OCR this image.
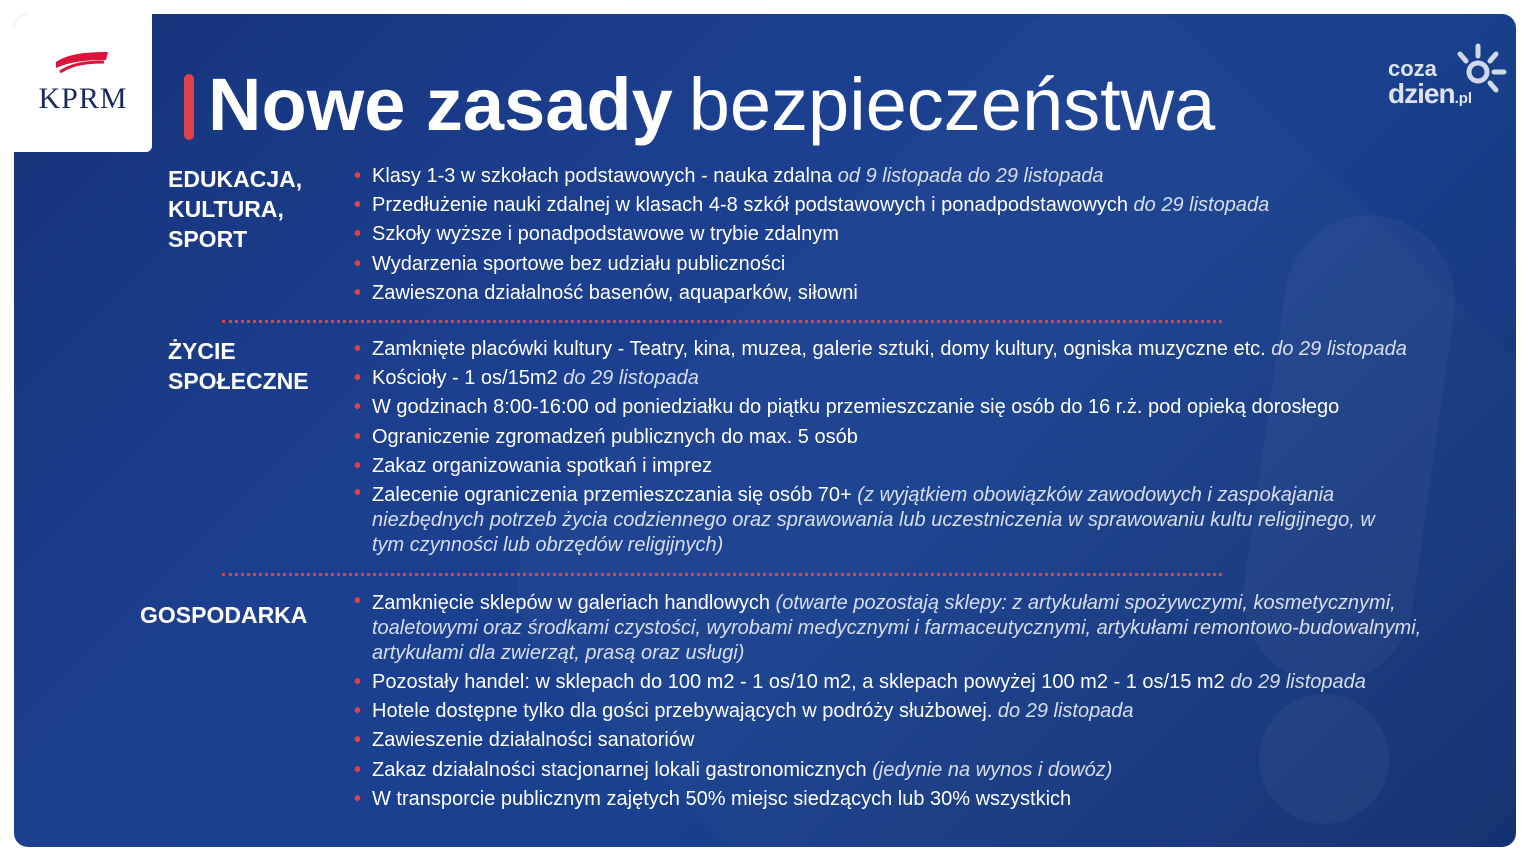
KPRM	Nowe zasady bezpieczeństwa	coza
dzien.pl
EDUKACJA,
KULTURA,
SPORT
• Klasy 1-3 w szkołach podstawowych - nauka zdalna od 9 listopada do 29 listopada
• Przedłużenie nauki zdalnej w klasach 4-8 szkół podstawowych i ponadpodstawowych do 29 listopada
• Szkoły wyższe i ponadpodstawowe w trybie zdalnym
• Wydarzenia sportowe bez udziału publiczności
• Zawieszona działalność basenów, aquaparków, siłowni
ŻYCIE
SPOŁECZNE
• Zamknięte placówki kultury - Teatry, kina, muzea, galerie sztuki, domy kultury, ogniska muzyczne etc. do 29 listopada
• Kościoły - 1 os/15m2 do 29 listopada
• W godzinach 8:00-16:00 od poniedziałku do piątku przemieszczanie się osób do 16 r.ż. pod opieką dorosłego
• Ograniczenie zgromadzeń publicznych do max. 5 osób
• Zakaz organizowania spotkań i imprez
• Zalecenie ograniczenia przemieszczania się osób 70+ (z wyjątkiem obowiązków zawodowych i zaspokajania niezbędnych potrzeb życia codziennego oraz sprawowania lub uczestniczenia w sprawowaniu kultu religijnego, w tym czynności lub obrzędów religijnych)
GOSPODARKA
•	Zamknięcie sklepów w galeriach handlowych (otwarte pozostają sklepy: z artykułami spożywczymi, kosmetycznymi, toaletowymi oraz środkami czystości, wyrobami medycznymi i farmaceutycznymi, artykułami remontowo-budowalnymi, artykułami dla zwierząt, prasą oraz usługi)
• Pozostały handel: w sklepach do 100 m2 - 1 os/10 m2, a sklepach powyżej 100 m2 - 1 os/15 m2 do 29 listopada
• Hotele dostępne tylko dla gości przebywających w podróży służbowej. do 29 listopada
• Zawieszenie działalności sanatoriów
• Zakaz działalności stacjonarnej lokali gastronomicznych (jedynie na wynos i dowóz)
• W transporcie publicznym zajętych 50% miejsc siedzących lub 30% wszystkich
